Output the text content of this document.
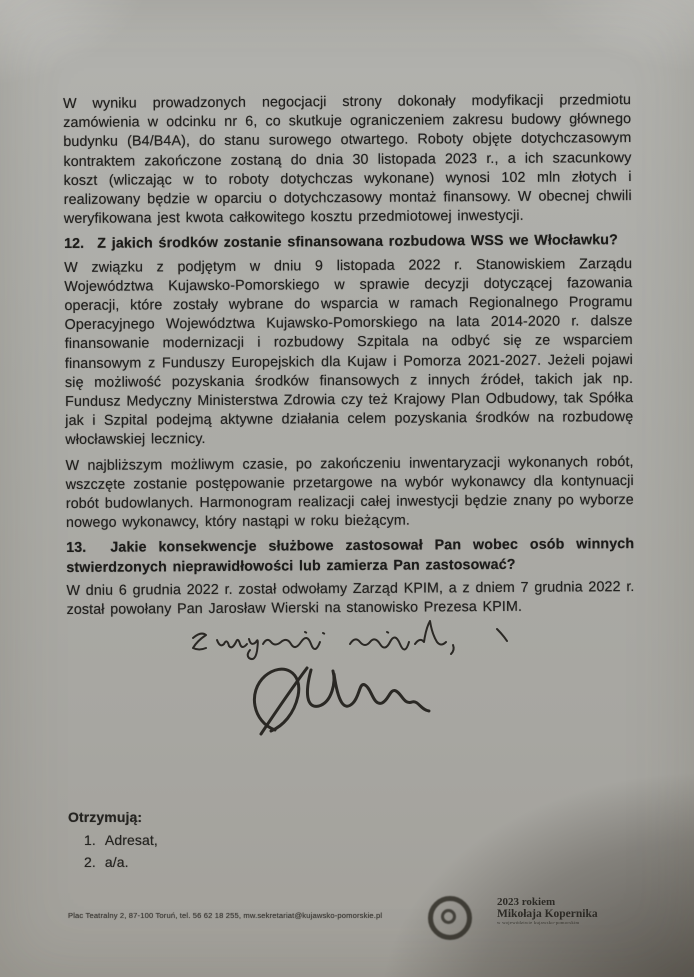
W wyniku prowadzonych negocjacji strony dokonały modyfikacji przedmiotu zamówienia w odcinku nr 6, co skutkuje ograniczeniem zakresu budowy głównego budynku (B4/B4A), do stanu surowego otwartego. Roboty objęte dotychczasowym kontraktem zakończone zostaną do dnia 30 listopada 2023 r., a ich szacunkowy koszt (wliczając w to roboty dotychczas wykonane) wynosi 102 mln złotych i realizowany będzie w oparciu o dotychczasowy montaż finansowy. W obecnej chwili weryfikowana jest kwota całkowitego kosztu przedmiotowej inwestycji.

12. Z jakich środków zostanie sfinansowana rozbudowa WSS we Włocławku?

W związku z podjętym w dniu 9 listopada 2022 r. Stanowiskiem Zarządu Województwa Kujawsko-Pomorskiego w sprawie decyzji dotyczącej fazowania operacji, które zostały wybrane do wsparcia w ramach Regionalnego Programu Operacyjnego Województwa Kujawsko-Pomorskiego na lata 2014-2020 r. dalsze finansowanie modernizacji i rozbudowy Szpitala na odbyć się ze wsparciem finansowym z Funduszy Europejskich dla Kujaw i Pomorza 2021-2027. Jeżeli pojawi się możliwość pozyskania środków finansowych z innych źródeł, takich jak np. Fundusz Medyczny Ministerstwa Zdrowia czy też Krajowy Plan Odbudowy, tak Spółka jak i Szpital podejmą aktywne działania celem pozyskania środków na rozbudowę włocławskiej lecznicy.

W najbliższym możliwym czasie, po zakończeniu inwentaryzacji wykonanych robót, wszczęte zostanie postępowanie przetargowe na wybór wykonawcy dla kontynuacji robót budowlanych. Harmonogram realizacji całej inwestycji będzie znany po wyborze nowego wykonawcy, który nastąpi w roku bieżącym.

13. Jakie konsekwencje służbowe zastosował Pan wobec osób winnych stwierdzonych nieprawidłowości lub zamierza Pan zastosować?

W dniu 6 grudnia 2022 r. został odwołamy Zarząd KPIM, a z dniem 7 grudnia 2022 r. został powołany Pan Jarosław Wierski na stanowisko Prezesa KPIM.

Otrzymują:
1. Adresat,
2. a/a.
Plac Teatralny 2, 87-100 Toruń, tel. 56 62 18 255, mw.sekretariat@kujawsko-pomorskie.pl
2023 rokiem
Mikołaja Kopernika
w województwie kujawsko-pomorskim
